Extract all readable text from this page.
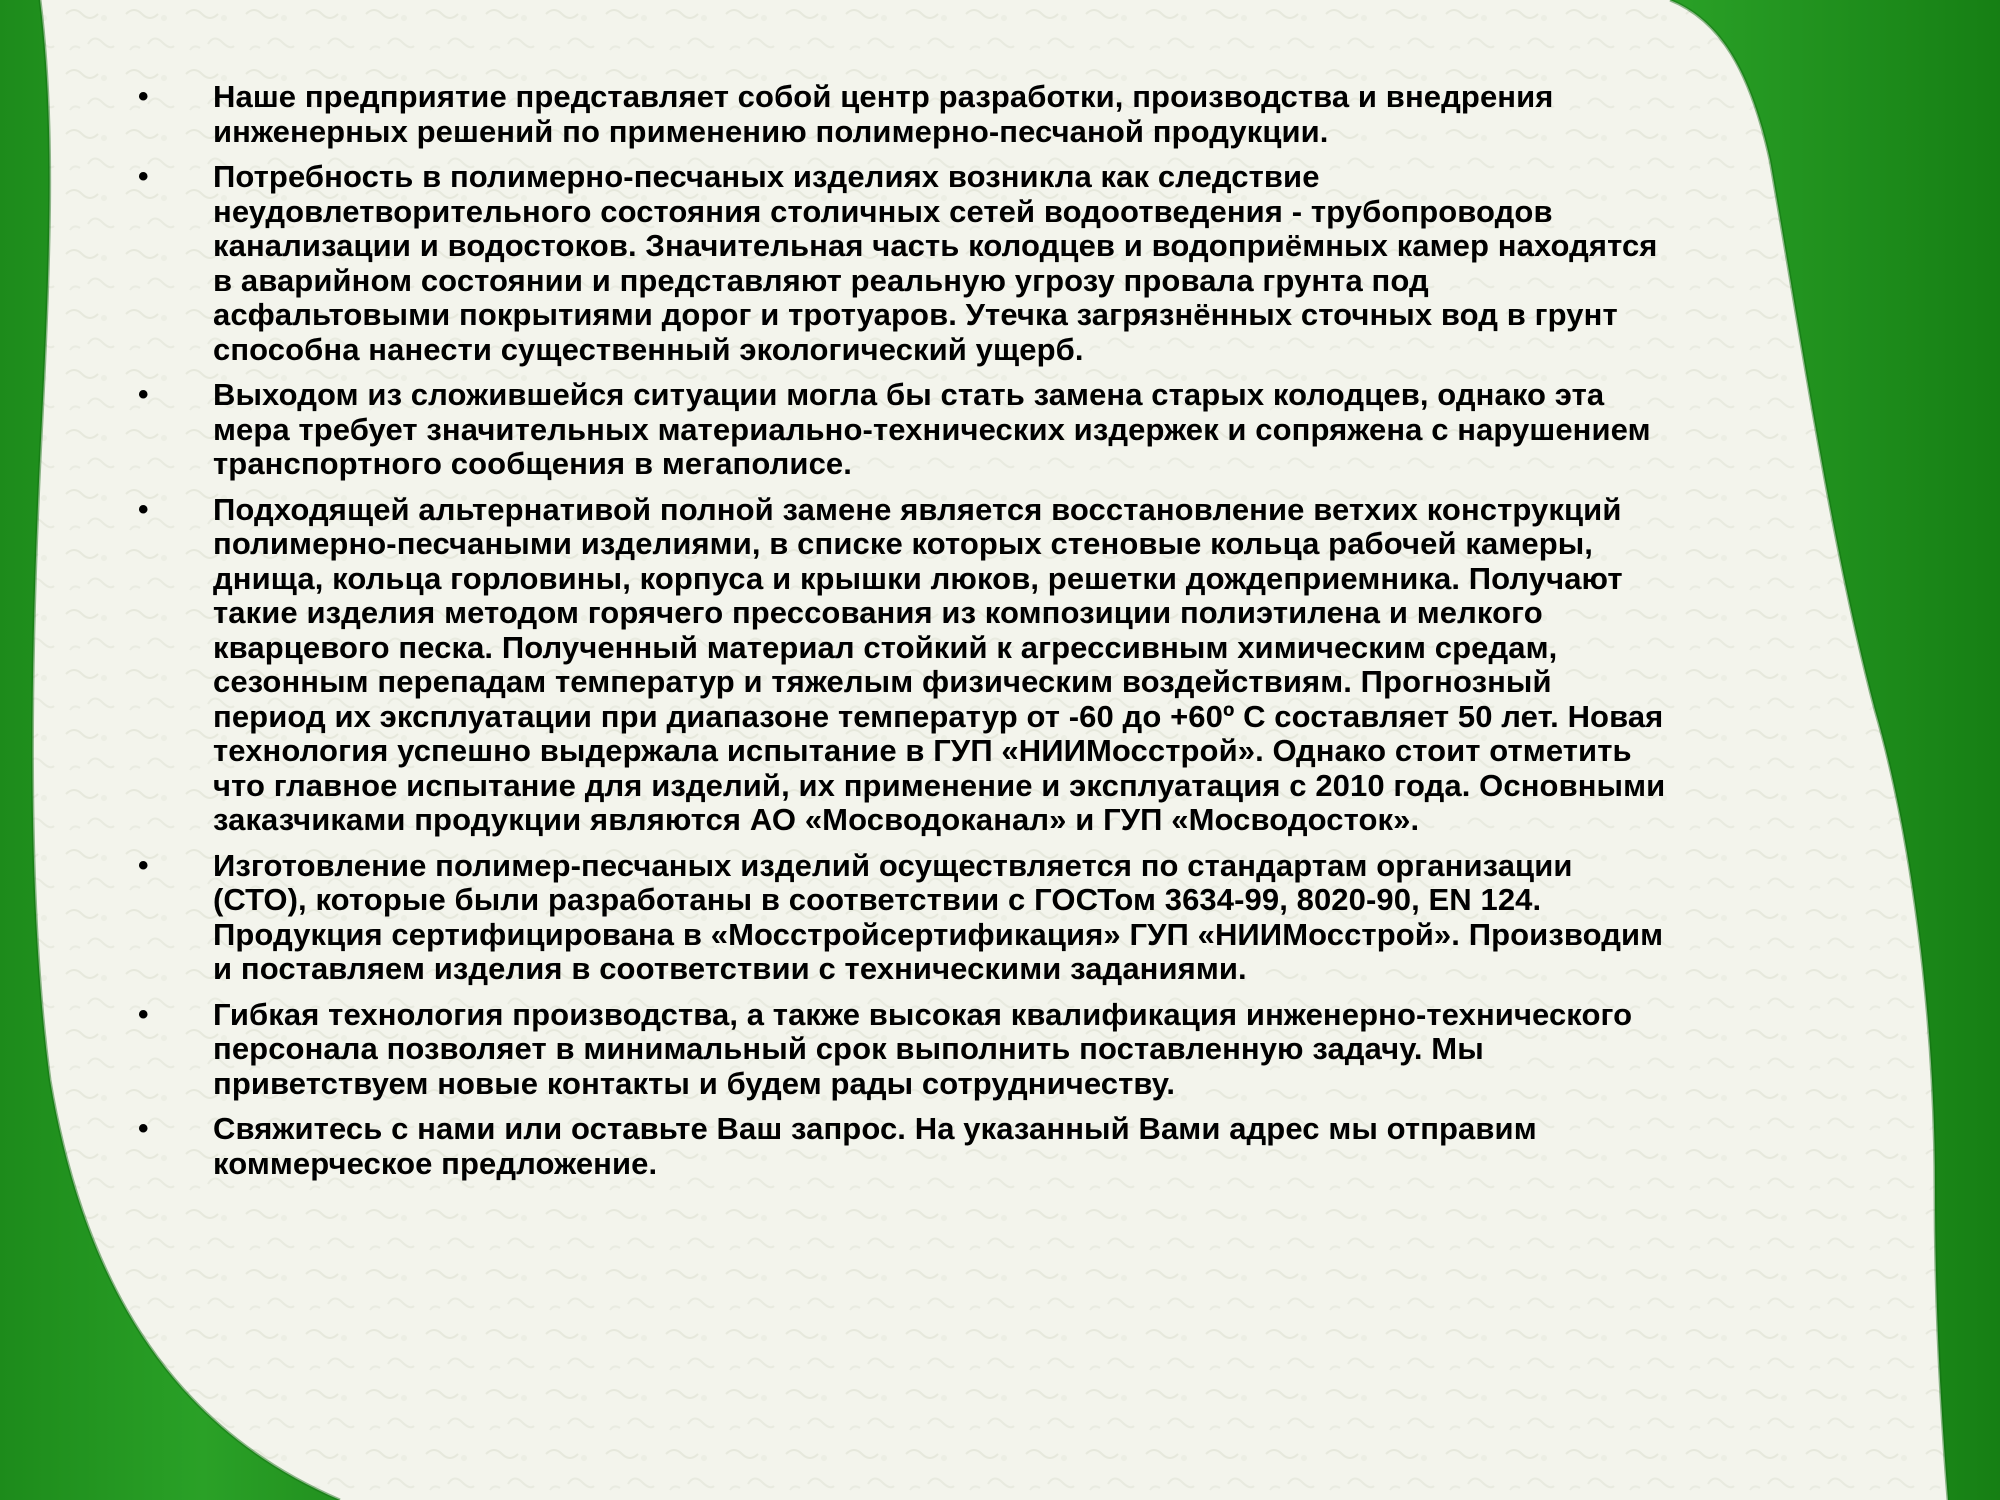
• Наше предприятие представляет собой центр разработки, производства и внедрения
инженерных решений по применению полимерно-песчаной продукции.
• Потребность в полимерно-песчаных изделиях возникла как следствие
неудовлетворительного состояния столичных сетей водоотведения - трубопроводов
канализации и водостоков. Значительная часть колодцев и водоприёмных камер находятся
в аварийном состоянии и представляют реальную угрозу провала грунта под
асфальтовыми покрытиями дорог и тротуаров. Утечка загрязнённых сточных вод в грунт
способна нанести существенный экологический ущерб.
• Выходом из сложившейся ситуации могла бы стать замена старых колодцев, однако эта
мера требует значительных материально-технических издержек и сопряжена с нарушением
транспортного сообщения в мегаполисе.
• Подходящей альтернативой полной замене является восстановление ветхих конструкций
полимерно-песчаными изделиями, в списке которых стеновые кольца рабочей камеры,
днища, кольца горловины, корпуса и крышки люков, решетки дождеприемника. Получают
такие изделия методом горячего прессования из композиции полиэтилена и мелкого
кварцевого песка. Полученный материал стойкий к агрессивным химическим средам,
сезонным перепадам температур и тяжелым физическим воздействиям. Прогнозный
период их эксплуатации при диапазоне температур от -60 до +60º С составляет 50 лет. Новая
технология успешно выдержала испытание в ГУП «НИИМосстрой». Однако стоит отметить
что главное испытание для изделий, их применение и эксплуатация с 2010 года. Основными
заказчиками продукции являются АО «Мосводоканал» и ГУП «Мосводосток».
• Изготовление полимер-песчаных изделий осуществляется по стандартам организации
(СТО), которые были разработаны в соответствии с ГОСТом 3634-99, 8020-90, EN 124.
Продукция сертифицирована в «Мосстройсертификация» ГУП «НИИМосстрой». Производим
и поставляем изделия в соответствии с техническими заданиями.
• Гибкая технология производства, а также высокая квалификация инженерно-технического
персонала позволяет в минимальный срок выполнить поставленную задачу. Мы
приветствуем новые контакты и будем рады сотрудничеству.
• Свяжитесь с нами или оставьте Ваш запрос. На указанный Вами адрес мы отправим
коммерческое предложение.
